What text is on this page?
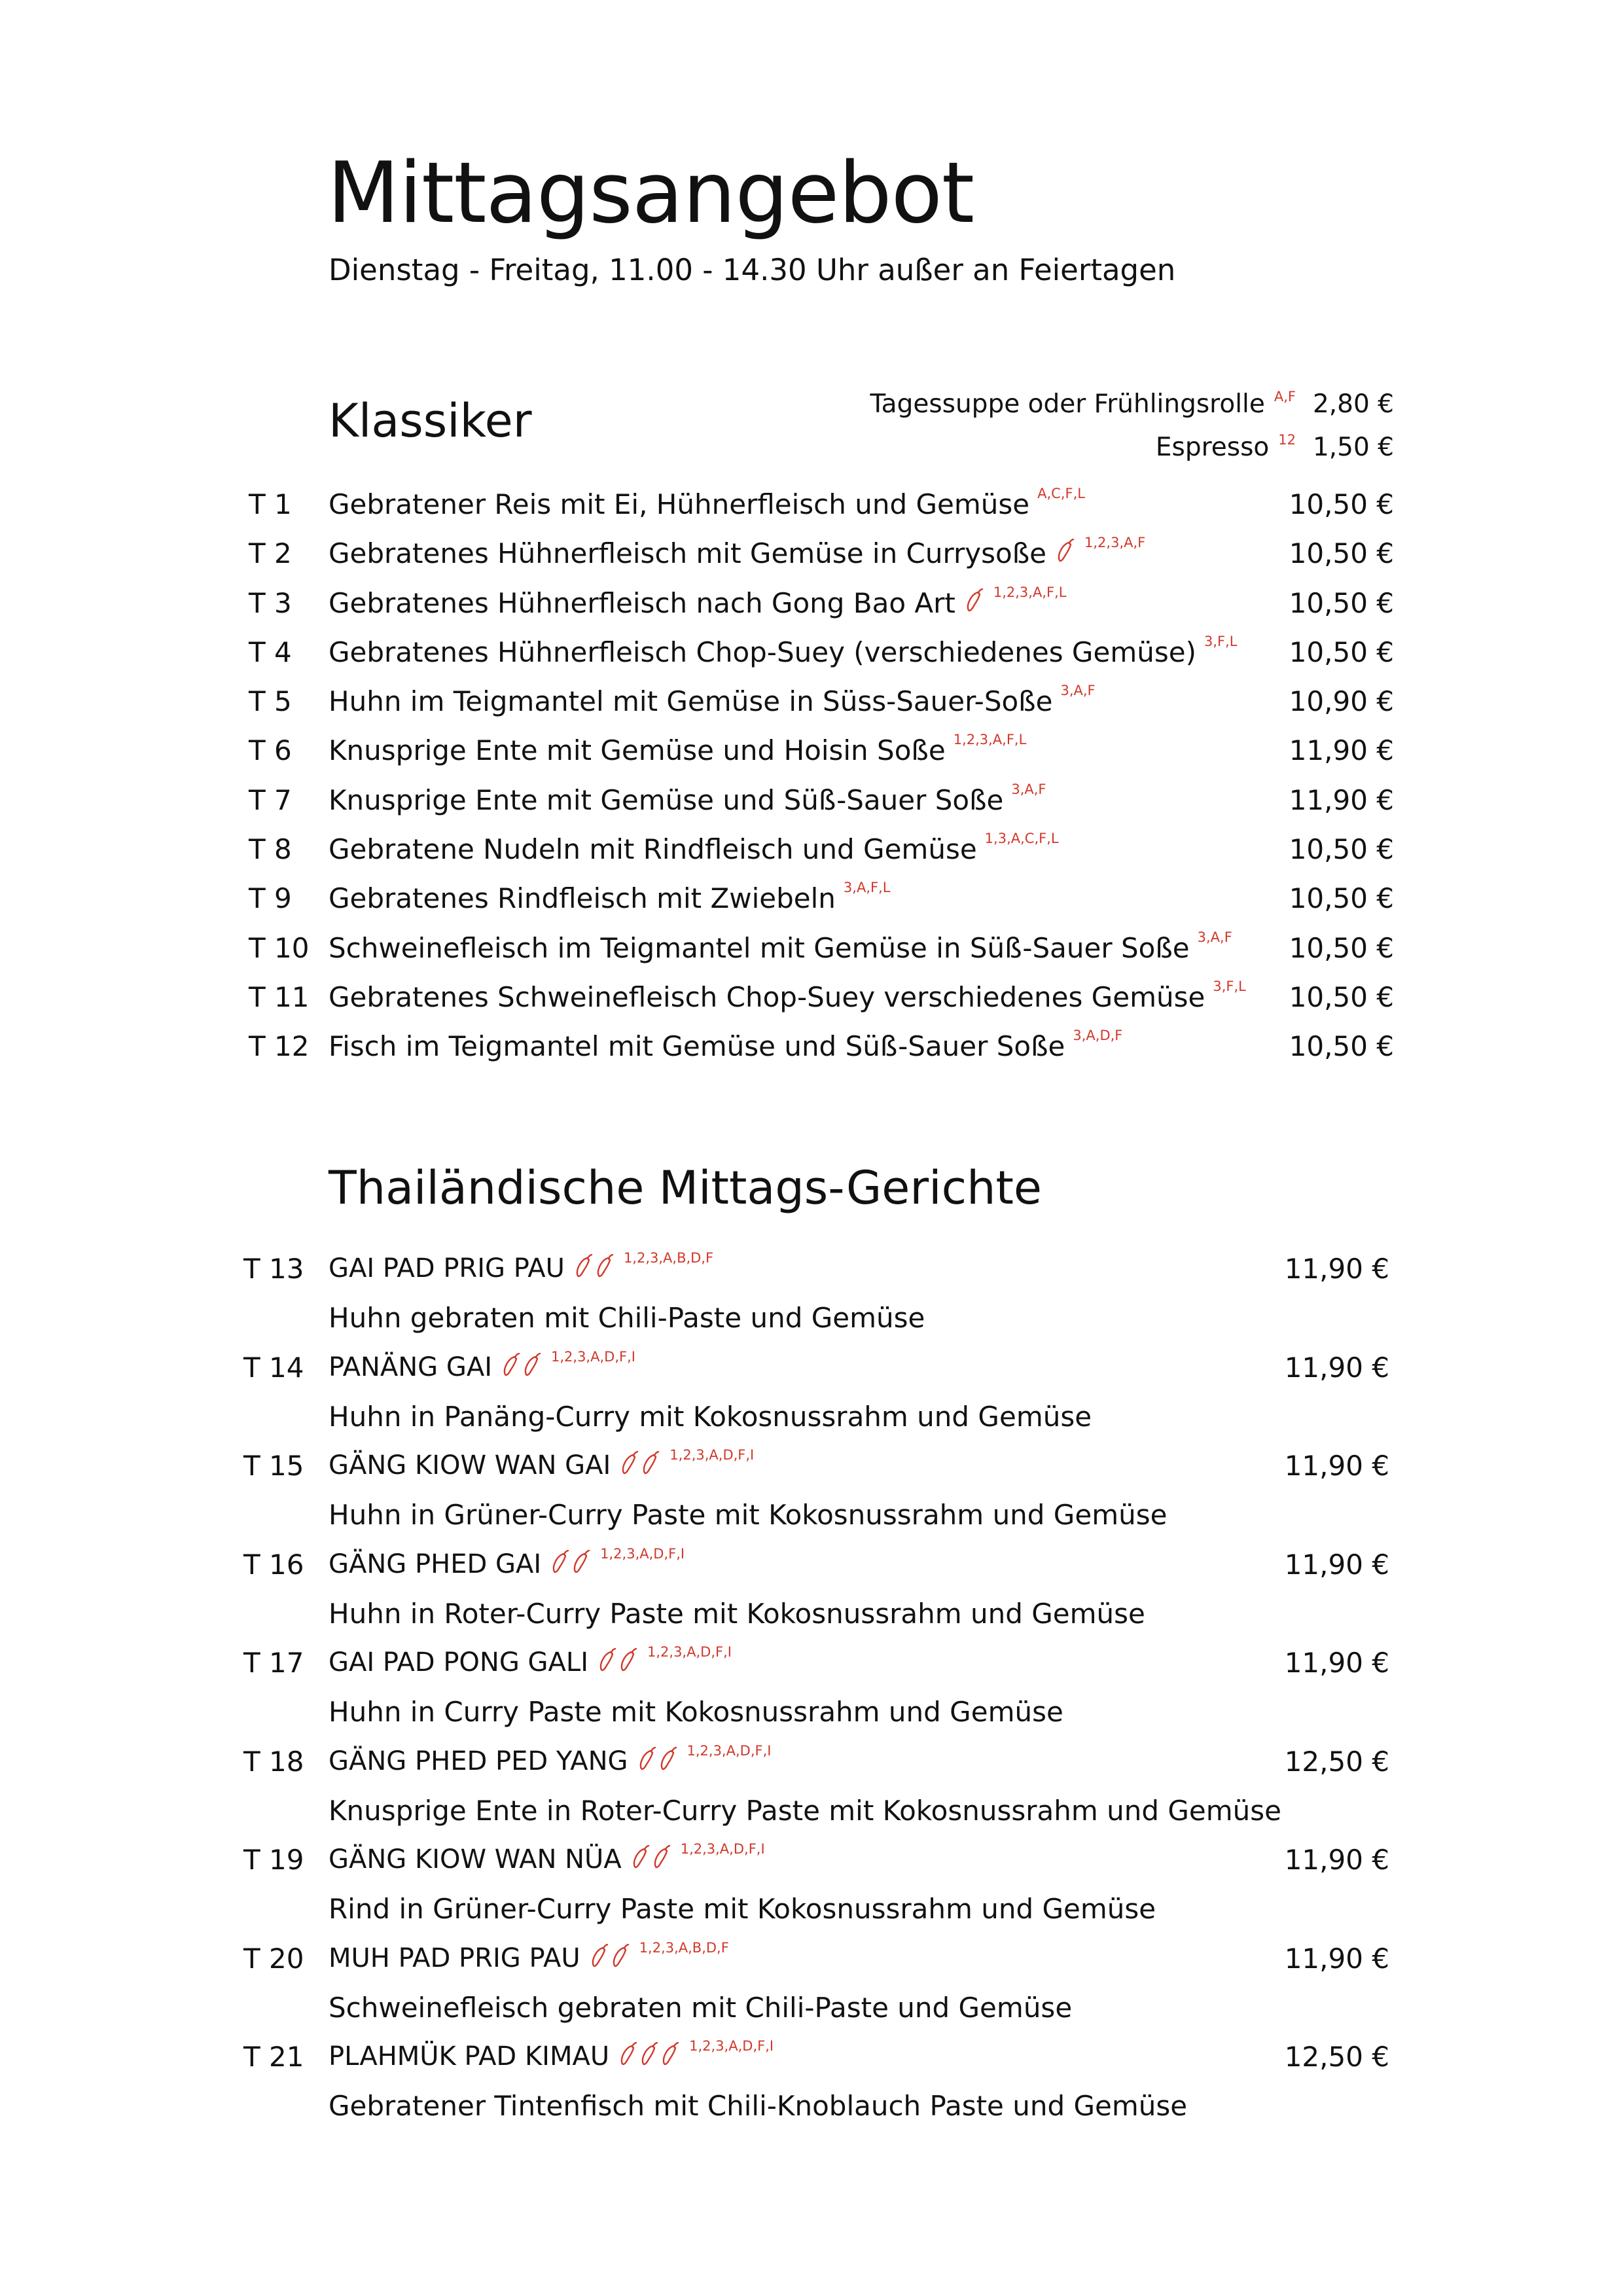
Mittagsangebot
Dienstag - Freitag, 11.00 - 14.30 Uhr außer an Feiertagen
Klassiker	Tagessuppe oder Frühlingsrolle A,F 2,80 €
Espresso 12 1,50 €
T 1	Gebratener Reis mit Ei, Hühnerfleisch und Gemüse A,C,F,L	10,50 €
T 2	Gebratenes Hühnerfleisch mit Gemüse in Currysoße	1,2,3,A,F	10,50 €
T 3	Gebratenes Hühnerfleisch nach Gong Bao Art	1,2,3,A,F,L	10,50 €
T 4	Gebratenes Hühnerfleisch Chop-Suey (verschiedenes Gemüse) 3,F,L 10,50 €
T 5	Huhn im Teigmantel mit Gemüse in Süss-Sauer-Soße 3,A,F	10,90 €
T 6	Knusprige Ente mit Gemüse und Hoisin Soße 1,2,3,A,F,L	11,90 €
T 7	Knusprige Ente mit Gemüse und Süß-Sauer Soße 3,A,F	11,90 €
T 8	Gebratene Nudeln mit Rindfleisch und Gemüse 1,3,A,C,F,L	10,50 €
T 9	Gebratenes Rindfleisch mit Zwiebeln 3,A,F,L	10,50 €
T 10 Schweinefleisch im Teigmantel mit Gemüse in Süß-Sauer Soße 3,A,F 10,50 €
T 11 Gebratenes Schweinefleisch Chop-Suey verschiedenes Gemüse 3,F,L 10,50 €
T 12 Fisch im Teigmantel mit Gemüse und Süß-Sauer Soße 3,A,D,F	10,50 €
Thailändische Mittags-Gerichte
T 13 GAI PAD PRIG PAU	1,2,3,A,B,D,F	11,90 €
Huhn gebraten mit Chili-Paste und Gemüse
T 14 PANÄNG GAI	1,2,3,A,D,F,I	11,90 €
Huhn in Panäng-Curry mit Kokosnussrahm und Gemüse
T 15 GÄNG KIOW WAN GAI	1,2,3,A,D,F,I	11,90 €
Huhn in Grüner-Curry Paste mit Kokosnussrahm und Gemüse
T 16 GÄNG PHED GAI	1,2,3,A,D,F,I	11,90 €
Huhn in Roter-Curry Paste mit Kokosnussrahm und Gemüse
T 17 GAI PAD PONG GALI	1,2,3,A,D,F,I	11,90 €
Huhn in Curry Paste mit Kokosnussrahm und Gemüse
T 18 GÄNG PHED PED YANG	1,2,3,A,D,F,I	12,50 €
Knusprige Ente in Roter-Curry Paste mit Kokosnussrahm und Gemüse
T 19 GÄNG KIOW WAN NÜA	1,2,3,A,D,F,I	11,90 €
Rind in Grüner-Curry Paste mit Kokosnussrahm und Gemüse
T 20 MUH PAD PRIG PAU	1,2,3,A,B,D,F	11,90 €
Schweinefleisch gebraten mit Chili-Paste und Gemüse
T 21 PLAHMÜK PAD KIMAU	1,2,3,A,D,F,I	12,50 €
Gebratener Tintenfisch mit Chili-Knoblauch Paste und Gemüse
